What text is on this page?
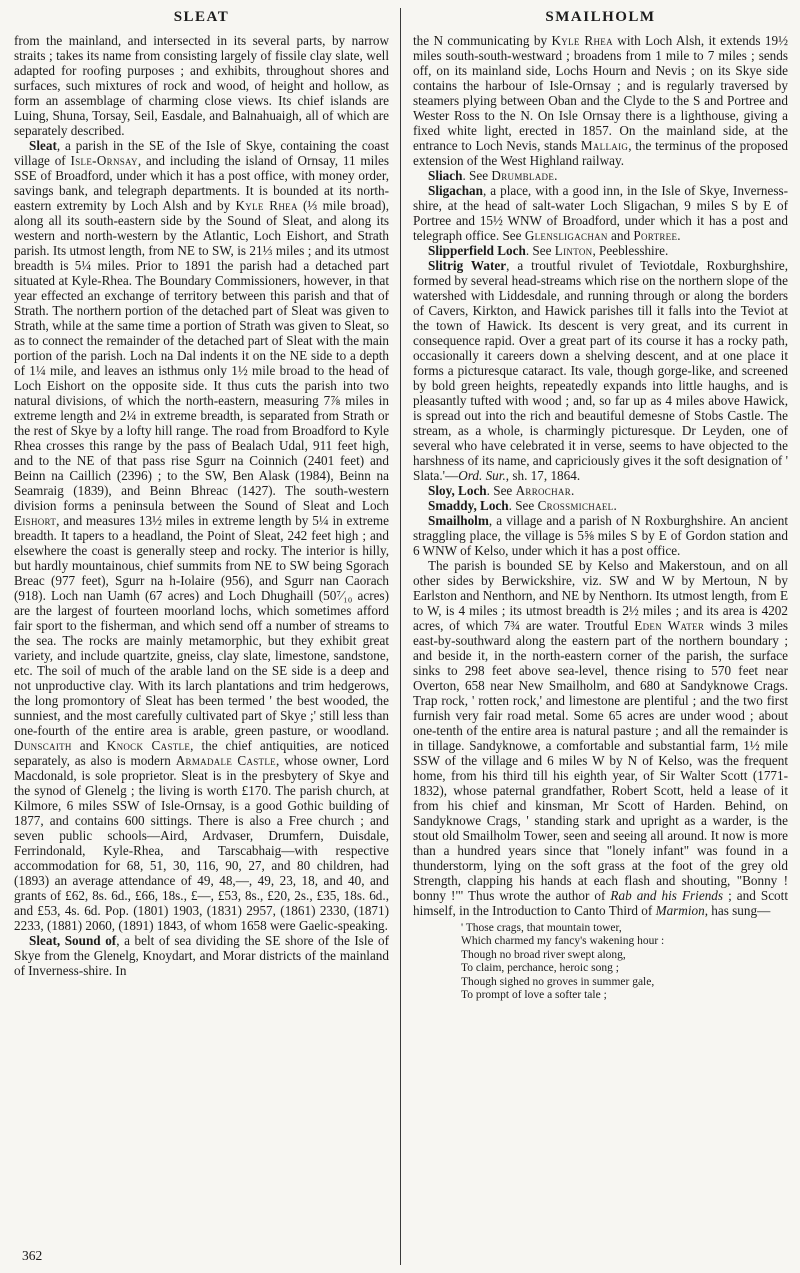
SLEAT

from the mainland, and intersected in its several parts, by narrow straits ; takes its name from consisting largely of fissile clay slate, well adapted for roofing purposes ; and exhibits, throughout shores and surfaces, such mixtures of rock and wood, of height and hollow, as form an assemblage of charming close views. Its chief islands are Luing, Shuna, Torsay, Seil, Easdale, and Balnahuaigh, all of which are separately described.

Sleat, a parish in the SE of the Isle of Skye, containing the coast village of Isle-Ornsay, and including the island of Ornsay, 11 miles SSE of Broadford, under which it has a post office, with money order, savings bank, and telegraph departments. It is bounded at its north-eastern extremity by Loch Alsh and by Kyle Rhea (⅓ mile broad), along all its south-eastern side by the Sound of Sleat, and along its western and north-western by the Atlantic, Loch Eishort, and Strath parish. Its utmost length, from NE to SW, is 21⅓ miles ; and its utmost breadth is 5¼ miles. Prior to 1891 the parish had a detached part situated at Kyle-Rhea. The Boundary Commissioners, however, in that year effected an exchange of territory between this parish and that of Strath. The northern portion of the detached part of Sleat was given to Strath, while at the same time a portion of Strath was given to Sleat, so as to connect the remainder of the detached part of Sleat with the main portion of the parish. Loch na Dal indents it on the NE side to a depth of 1¼ mile, and leaves an isthmus only 1½ mile broad to the head of Loch Eishort on the opposite side. It thus cuts the parish into two natural divisions, of which the north-eastern, measuring 7⅞ miles in extreme length and 2¼ in extreme breadth, is separated from Strath or the rest of Skye by a lofty hill range. The road from Broadford to Kyle Rhea crosses this range by the pass of Bealach Udal, 911 feet high, and to the NE of that pass rise Sgurr na Coinnich (2401 feet) and Beinn na Caillich (2396) ; to the SW, Ben Alask (1984), Beinn na Seamraig (1839), and Beinn Bhreac (1427). The south-western division forms a peninsula between the Sound of Sleat and Loch Eishort, and measures 13½ miles in extreme length by 5¼ in extreme breadth. It tapers to a headland, the Point of Sleat, 242 feet high ; and elsewhere the coast is generally steep and rocky. The interior is hilly, but hardly mountainous, chief summits from NE to SW being Sgorach Breac (977 feet), Sgurr na h-Iolaire (956), and Sgurr nan Caorach (918). Loch nan Uamh (67 acres) and Loch Dhughaill (50⁷⁄₁₀ acres) are the largest of fourteen moorland lochs, which sometimes afford fair sport to the fisherman, and which send off a number of streams to the sea. The rocks are mainly metamorphic, but they exhibit great variety, and include quartzite, gneiss, clay slate, limestone, sandstone, etc. The soil of much of the arable land on the SE side is a deep and not unproductive clay. With its larch plantations and trim hedgerows, the long promontory of Sleat has been termed ' the best wooded, the sunniest, and the most carefully cultivated part of Skye ;' still less than one-fourth of the entire area is arable, green pasture, or woodland. Dunscaith and Knock Castle, the chief antiquities, are noticed separately, as also is modern Armadale Castle, whose owner, Lord Macdonald, is sole proprietor. Sleat is in the presbytery of Skye and the synod of Glenelg ; the living is worth £170. The parish church, at Kilmore, 6 miles SSW of Isle-Ornsay, is a good Gothic building of 1877, and contains 600 sittings. There is also a Free church ; and seven public schools—Aird, Ardvaser, Drumfern, Duisdale, Ferrindonald, Kyle-Rhea, and Tarscabhaig—with respective accommodation for 68, 51, 30, 116, 90, 27, and 80 children, had (1893) an average attendance of 49, 48,—, 49, 23, 18, and 40, and grants of £62, 8s. 6d., £66, 18s., £—, £53, 8s., £20, 2s., £35, 18s. 6d., and £53, 4s. 6d. Pop. (1801) 1903, (1831) 2957, (1861) 2330, (1871) 2233, (1881) 2060, (1891) 1843, of whom 1658 were Gaelic-speaking.

Sleat, Sound of, a belt of sea dividing the SE shore of the Isle of Skye from the Glenelg, Knoydart, and Morar districts of the mainland of Inverness-shire. In

SMAILHOLM

the N communicating by Kyle Rhea with Loch Alsh, it extends 19½ miles south-south-westward ; broadens from 1 mile to 7 miles ; sends off, on its mainland side, Lochs Hourn and Nevis ; on its Skye side contains the harbour of Isle-Ornsay ; and is regularly traversed by steamers plying between Oban and the Clyde to the S and Portree and Wester Ross to the N. On Isle Ornsay there is a lighthouse, giving a fixed white light, erected in 1857. On the mainland side, at the entrance to Loch Nevis, stands Mallaig, the terminus of the proposed extension of the West Highland railway.

Sliach. See Drumblade.

Sligachan, a place, with a good inn, in the Isle of Skye, Inverness-shire, at the head of salt-water Loch Sligachan, 9 miles S by E of Portree and 15½ WNW of Broadford, under which it has a post and telegraph office. See Glensligachan and Portree.

Slipperfield Loch. See Linton, Peeblesshire.

Slitrig Water, a troutful rivulet of Teviotdale, Roxburghshire, formed by several head-streams which rise on the northern slope of the watershed with Liddesdale, and running through or along the borders of Cavers, Kirkton, and Hawick parishes till it falls into the Teviot at the town of Hawick. Its descent is very great, and its current in consequence rapid. Over a great part of its course it has a rocky path, occasionally it careers down a shelving descent, and at one place it forms a picturesque cataract. Its vale, though gorge-like, and screened by bold green heights, repeatedly expands into little haughs, and is pleasantly tufted with wood ; and, so far up as 4 miles above Hawick, is spread out into the rich and beautiful demesne of Stobs Castle. The stream, as a whole, is charmingly picturesque. Dr Leyden, one of several who have celebrated it in verse, seems to have objected to the harshness of its name, and capriciously gives it the soft designation of ' Slata.'—Ord. Sur., sh. 17, 1864.

Sloy, Loch. See Arrochar.

Smaddy, Loch. See Crossmichael.

Smailholm, a village and a parish of N Roxburghshire. An ancient straggling place, the village is 5⅝ miles S by E of Gordon station and 6 WNW of Kelso, under which it has a post office.

The parish is bounded SE by Kelso and Makerstoun, and on all other sides by Berwickshire, viz. SW and W by Mertoun, N by Earlston and Nenthorn, and NE by Nenthorn. Its utmost length, from E to W, is 4 miles ; its utmost breadth is 2½ miles ; and its area is 4202 acres, of which 7¾ are water. Troutful Eden Water winds 3 miles east-by-southward along the eastern part of the northern boundary ; and beside it, in the north-eastern corner of the parish, the surface sinks to 298 feet above sea-level, thence rising to 570 feet near Overton, 658 near New Smailholm, and 680 at Sandyknowe Crags. Trap rock, ' rotten rock,' and limestone are plentiful ; and the two first furnish very fair road metal. Some 65 acres are under wood ; about one-tenth of the entire area is natural pasture ; and all the remainder is in tillage. Sandyknowe, a comfortable and substantial farm, 1½ mile SSW of the village and 6 miles W by N of Kelso, was the frequent home, from his third till his eighth year, of Sir Walter Scott (1771-1832), whose paternal grandfather, Robert Scott, held a lease of it from his chief and kinsman, Mr Scott of Harden. Behind, on Sandyknowe Crags, ' standing stark and upright as a warder, is the stout old Smailholm Tower, seen and seeing all around. It now is more than a hundred years since that "lonely infant" was found in a thunderstorm, lying on the soft grass at the foot of the grey old Strength, clapping his hands at each flash and shouting, "Bonny ! bonny !"' Thus wrote the author of Rab and his Friends ; and Scott himself, in the Introduction to Canto Third of Marmion, has sung—

' Those crags, that mountain tower,
Which charmed my fancy's wakening hour :
Though no broad river swept along,
To claim, perchance, heroic song ;
Though sighed no groves in summer gale,
To prompt of love a softer tale ;
362
